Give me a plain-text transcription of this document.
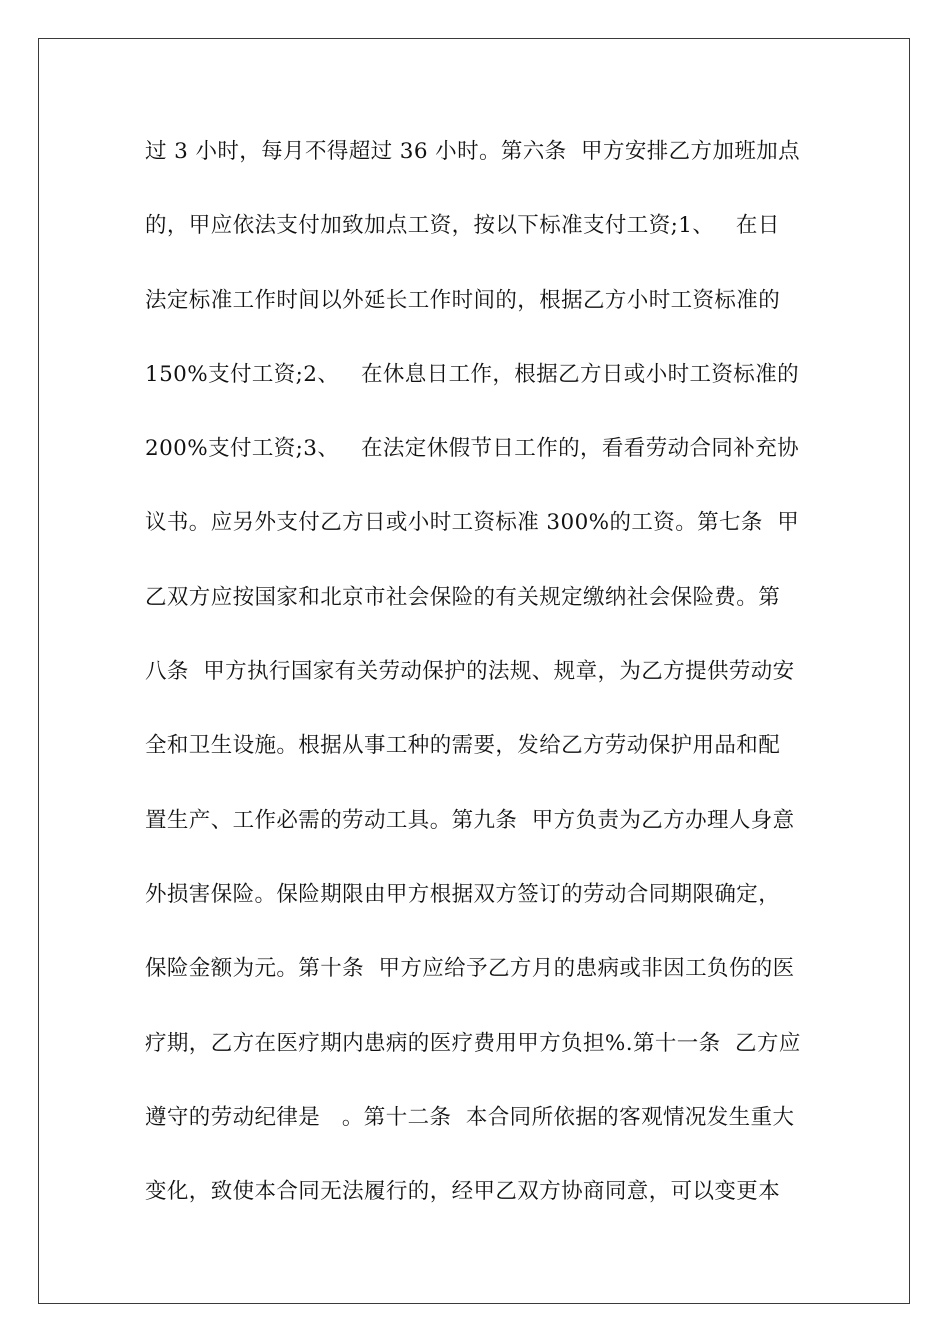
过 3 小时，每月不得超过 36 小时。第六条  甲方安排乙方加班加点
的，甲应依法支付加致加点工资，按以下标准支付工资;1、   在日
法定标准工作时间以外延长工作时间的，根据乙方小时工资标准的
150%支付工资;2、   在休息日工作，根据乙方日或小时工资标准的
200%支付工资;3、   在法定休假节日工作的，看看劳动合同补充协
议书。应另外支付乙方日或小时工资标准 300%的工资。第七条  甲
乙双方应按国家和北京市社会保险的有关规定缴纳社会保险费。第
八条  甲方执行国家有关劳动保护的法规、规章，为乙方提供劳动安
全和卫生设施。根据从事工种的需要，发给乙方劳动保护用品和配
置生产、工作必需的劳动工具。第九条  甲方负责为乙方办理人身意
外损害保险。保险期限由甲方根据双方签订的劳动合同期限确定，
保险金额为元。第十条  甲方应给予乙方月的患病或非因工负伤的医
疗期，乙方在医疗期内患病的医疗费用甲方负担%.第十一条  乙方应
遵守的劳动纪律是   。第十二条  本合同所依据的客观情况发生重大
变化，致使本合同无法履行的，经甲乙双方协商同意，可以变更本
